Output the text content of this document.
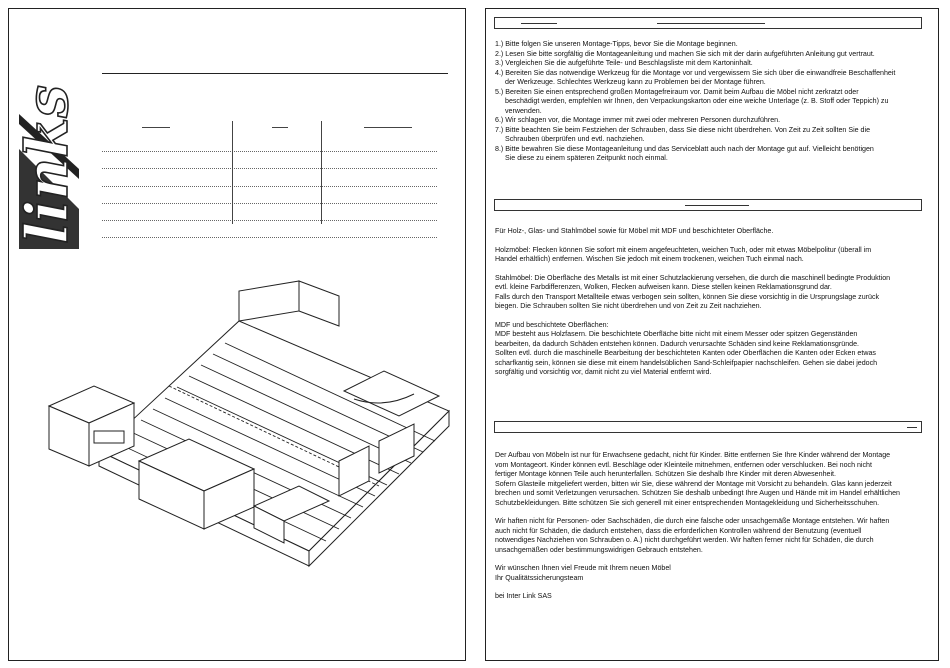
links

1.) Bitte folgen Sie unseren Montage-Tipps, bevor Sie die Montage beginnen.

2.) Lesen Sie bitte sorgfältig die Montageanleitung und machen Sie sich mit der darin aufgeführten Anleitung gut vertraut.

3.) Vergleichen Sie die aufgeführte Teile- und Beschlagsliste mit dem Kartoninhalt.

4.) Bereiten Sie das notwendige Werkzeug für die Montage vor und vergewissern Sie sich über die einwandfreie Beschaffenheit

der Werkzeuge. Schlechtes Werkzeug kann zu Problemen bei der Montage führen.

5.) Bereiten Sie einen entsprechend großen Montagefreiraum vor. Damit beim Aufbau die Möbel nicht zerkratzt oder

beschädigt werden, empfehlen wir Ihnen, den Verpackungskarton oder eine weiche Unterlage (z. B. Stoff oder Teppich) zu

verwenden.

6.) Wir schlagen vor, die Montage immer mit zwei oder mehreren Personen durchzuführen.

7.) Bitte beachten Sie beim Festziehen der Schrauben, dass Sie diese nicht überdrehen. Von Zeit zu Zeit sollten Sie die

Schrauben überprüfen und evtl. nachziehen.

8.) Bitte bewahren Sie diese Montageanleitung und das Serviceblatt auch nach der Montage gut auf. Vielleicht benötigen

Sie diese zu einem späteren Zeitpunkt noch einmal.

Für Holz-, Glas- und Stahlmöbel sowie für Möbel mit MDF und beschichteter Oberfläche.

Holzmöbel: Flecken können Sie sofort mit einem angefeuchteten, weichen Tuch, oder mit etwas Möbelpolitur (überall im

Handel erhältlich) entfernen. Wischen Sie jedoch mit einem trockenen, weichen Tuch einmal nach.

Stahlmöbel: Die Oberfläche des Metalls ist mit einer Schutzlackierung versehen, die durch die maschinell bedingte Produktion

evtl. kleine Farbdifferenzen, Wolken, Flecken aufweisen kann. Diese stellen keinen Reklamationsgrund dar.

Falls durch den Transport Metallteile etwas verbogen sein sollten, können Sie diese vorsichtig in die Ursprungslage zurück

biegen. Die Schrauben sollten Sie nicht überdrehen und von Zeit zu Zeit nachziehen.

MDF und beschichtete Oberflächen:

MDF besteht aus Holzfasern. Die beschichtete Oberfläche bitte nicht mit einem Messer oder spitzen Gegenständen

bearbeiten, da dadurch Schäden entstehen können. Dadurch verursachte Schäden sind keine Reklamationsgründe.

Sollten evtl. durch die maschinelle Bearbeitung der beschichteten Kanten oder Oberflächen die Kanten oder Ecken etwas

scharfkantig sein, können sie diese mit einem handelsüblichen Sand-Schleifpapier nachschleifen. Gehen sie dabei jedoch

sorgfältig und vorsichtig vor, damit nicht zu viel Material entfernt wird.

Der Aufbau von Möbeln ist nur für Erwachsene gedacht, nicht für Kinder. Bitte entfernen Sie Ihre Kinder während der Montage

vom Montageort. Kinder können evtl. Beschläge oder Kleinteile mitnehmen, entfernen oder verschlucken. Bei noch nicht

fertiger Montage können Teile auch herunterfallen. Schützen Sie deshalb Ihre Kinder mit deren Abwesenheit.

Sofern Glasteile mitgeliefert werden, bitten wir Sie, diese während der Montage mit Vorsicht zu behandeln. Glas kann jederzeit

brechen und somit Verletzungen verursachen. Schützen Sie deshalb unbedingt Ihre Augen und Hände mit im Handel erhältlichen

Schutzbekleidungen. Bitte schützen Sie sich generell mit einer entsprechenden Montagekleidung und Sicherheitsschuhen.

Wir haften nicht für Personen- oder Sachschäden, die durch eine falsche oder unsachgemäße Montage entstehen. Wir haften

auch nicht für Schäden, die dadurch entstehen, dass die erforderlichen Kontrollen während der Benutzung (eventuell

notwendiges Nachziehen von Schrauben o. A.) nicht durchgeführt werden. Wir haften ferner nicht für Schäden, die durch

unsachgemäßen oder bestimmungswidrigen Gebrauch entstehen.

Wir wünschen Ihnen viel Freude mit Ihrem neuen Möbel

Ihr Qualitätssicherungsteam

bei Inter Link SAS
